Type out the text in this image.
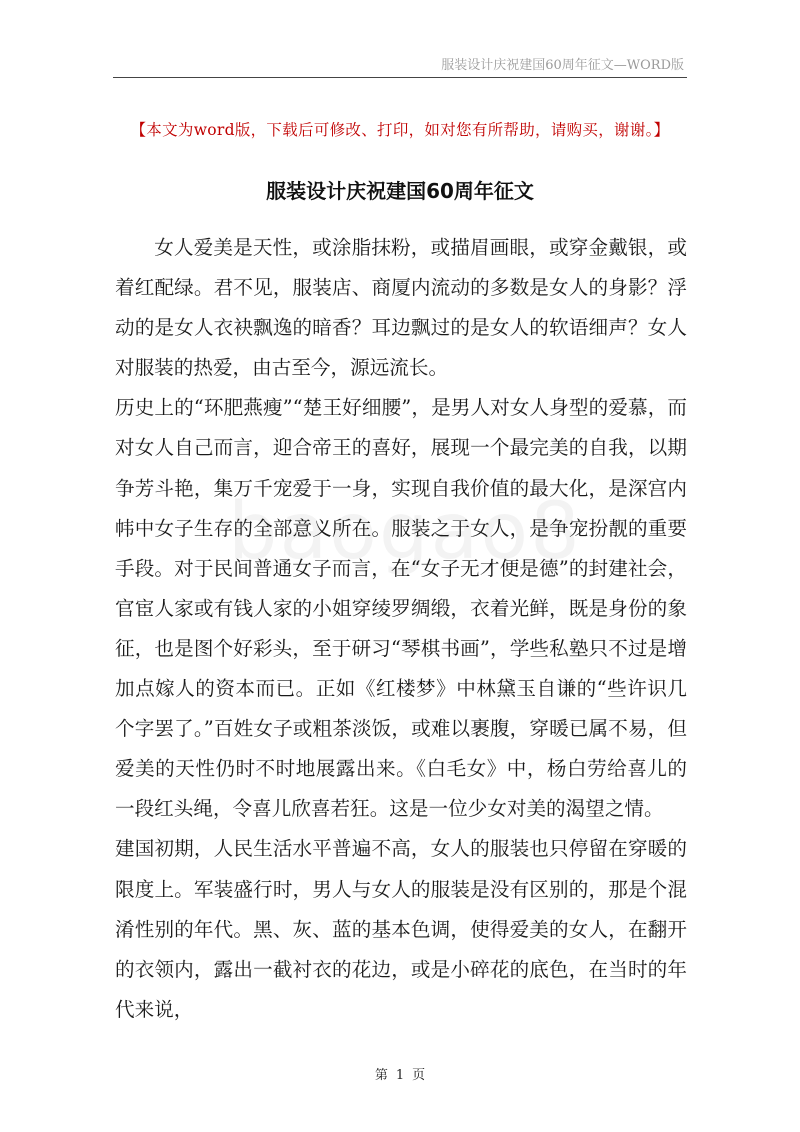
服装设计庆祝建国60周年征文—WORD版
【本文为word版，下载后可修改、打印，如对您有所帮助，请购买，谢谢。】
服装设计庆祝建国60周年征文

女人爱美是天性，或涂脂抹粉，或描眉画眼，或穿金戴银，或着红配绿。君不见，服装店、商厦内流动的多数是女人的身影？浮动的是女人衣袂飘逸的暗香？耳边飘过的是女人的软语细声？女人对服装的热爱，由古至今，源远流长。

历史上的“环肥燕瘦”“楚王好细腰”，是男人对女人身型的爱慕，而对女人自己而言，迎合帝王的喜好，展现一个最完美的自我，以期争芳斗艳，集万千宠爱于一身，实现自我价值的最大化，是深宫内帏中女子生存的全部意义所在。服装之于女人，是争宠扮靓的重要手段。对于民间普通女子而言，在“女子无才便是德”的封建社会，官宦人家或有钱人家的小姐穿绫罗绸缎，衣着光鲜，既是身份的象征，也是图个好彩头，至于研习“琴棋书画”，学些私塾只不过是增加点嫁人的资本而已。正如《红楼梦》中林黛玉自谦的“些许识几个字罢了。”百姓女子或粗茶淡饭，或难以裹腹，穿暖已属不易，但爱美的天性仍时不时地展露出来。《白毛女》中，杨白劳给喜儿的一段红头绳，令喜儿欣喜若狂。这是一位少女对美的渴望之情。

建国初期，人民生活水平普遍不高，女人的服装也只停留在穿暖的限度上。军装盛行时，男人与女人的服装是没有区别的，那是个混淆性别的年代。黑、灰、蓝的基本色调，使得爱美的女人，在翻开的衣领内，露出一截衬衣的花边，或是小碎花的底色，在当时的年代来说，

第 1 页
